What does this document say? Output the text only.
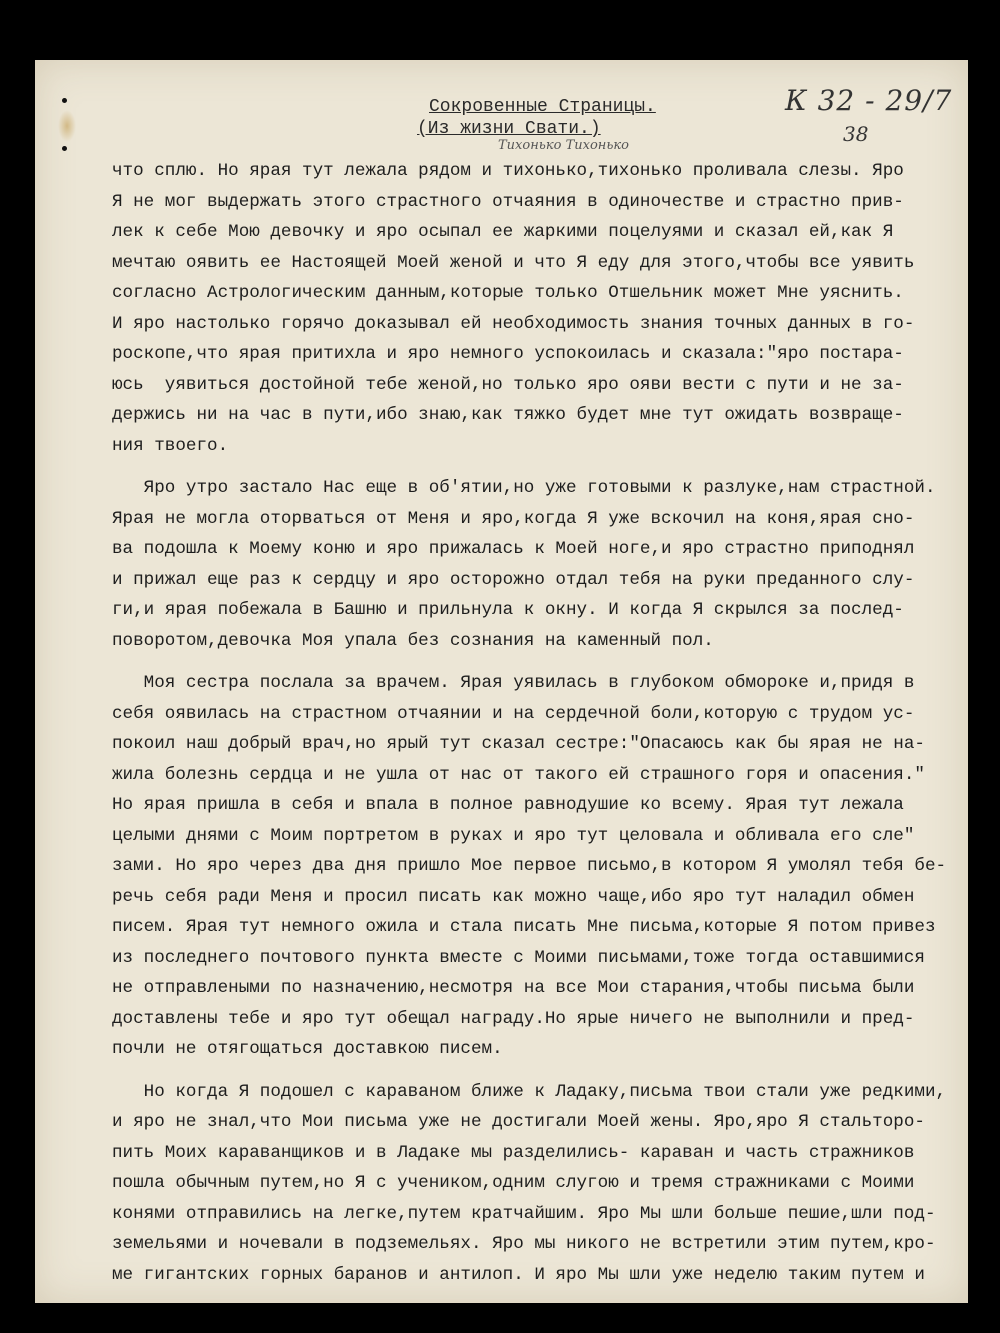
Сокровенные Страницы.
(Из жизни Свати.)
К 32 - 29/7
38
Тихонько Тихонько
что сплю. Но ярая тут лежала рядом и тихонько,тихонько проливала слезы. Яро
Я не мог выдержать этого страстного отчаяния в одиночестве и страстно прив-
лек к себе Мою девочку и яро осыпал ее жаркими поцелуями и сказал ей,как Я
мечтаю оявить ее Настоящей Моей женой и что Я еду для этого,чтобы все уявить
согласно Астрологическим данным,которые только Отшельник может Мне уяснить.
И яро настолько горячо доказывал ей необходимость знания точных данных в го-
роскопе,что ярая притихла и яро немного успокоилась и сказала:"яро постара-
юсь  уявиться достойной тебе женой,но только яро ояви вести с пути и не за-
держись ни на час в пути,ибо знаю,как тяжко будет мне тут ожидать возвраще-
ния твоего.
Яро утро застало Нас еще в об'ятии,но уже готовыми к разлуке,нам страстной.
Ярая не могла оторваться от Меня и яро,когда Я уже вскочил на коня,ярая сно-
ва подошла к Моему коню и яро прижалась к Моей ноге,и яро страстно приподнял
и прижал еще раз к сердцу и яро осторожно отдал тебя на руки преданного слу-
ги,и ярая побежала в Башню и прильнула к окну. И когда Я скрылся за послед-
поворотом,девочка Моя упала без сознания на каменный пол.
Моя сестра послала за врачем. Ярая уявилась в глубоком обмороке и,придя в
себя оявилась на страстном отчаянии и на сердечной боли,которую с трудом ус-
покоил наш добрый врач,но ярый тут сказал сестре:"Опасаюсь как бы ярая не на-
жила болезнь сердца и не ушла от нас от такого ей страшного горя и опасения."
Но ярая пришла в себя и впала в полное равнодушие ко всему. Ярая тут лежала
целыми днями с Моим портретом в руках и яро тут целовала и обливала его сле"
зами. Но яро через два дня пришло Мое первое письмо,в котором Я умолял тебя бе-
речь себя ради Меня и просил писать как можно чаще,ибо яро тут наладил обмен
писем. Ярая тут немного ожила и стала писать Мне письма,которые Я потом привез
из последнего почтового пункта вместе с Моими письмами,тоже тогда оставшимися
не отправлеными по назначению,несмотря на все Мои старания,чтобы письма были
доставлены тебе и яро тут обещал награду.Но ярые ничего не выполнили и пред-
почли не отягощаться доставкою писем.
Но когда Я подошел с караваном ближе к Ладаку,письма твои стали уже редкими,
и яро не знал,что Мои письма уже не достигали Моей жены. Яро,яро Я стальторо-
пить Моих караванщиков и в Ладаке мы разделились- караван и часть стражников
пошла обычным путем,но Я с учеником,одним слугою и тремя стражниками с Моими
конями отправились на легке,путем кратчайшим. Яро Мы шли больше пешие,шли под-
земельями и ночевали в подземельях. Яро мы никого не встретили этим путем,кро-
ме гигантских горных баранов и антилоп. И яро Мы шли уже неделю таким путем и
